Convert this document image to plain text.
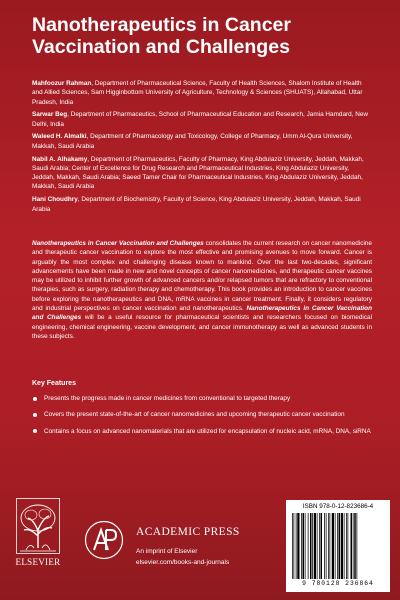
Nanotherapeutics in Cancer Vaccination and Challenges

Mahfoozur Rahman, Department of Pharmaceutical Science, Faculty of Health Sciences, Shalom Institute of Health and Allied Sciences, Sam Higginbottom University of Agriculture, Technology & Sciences (SHUATS), Allahabad, Uttar Pradesh, India

Sarwar Beg, Department of Pharmaceutics, School of Pharmaceutical Education and Research, Jamia Hamdard, New Delhi, India

Waleed H. Almalki, Department of Pharmacology and Toxicology, College of Pharmacy, Umm Al-Qura University, Makkah, Saudi Arabia

Nabil A. Alhakamy, Department of Pharmaceutics, Faculty of Pharmacy, King Abdulaziz University, Jeddah, Makkah, Saudi Arabia; Center of Excellence for Drug Research and Pharmaceutical Industries, King Abdulaziz University, Jeddah, Makkah, Saudi Arabia; Saeed Tamer Chair for Pharmaceutical Industries, King Abdulaziz University, Jeddah, Makkah, Saudi Arabia

Hani Choudhry, Department of Biochemistry, Faculty of Science, King Abdulaziz University, Jeddah, Makkah, Saudi Arabia

Nanotherapeutics in Cancer Vaccination and Challenges consolidates the current research on cancer nanomedicine and therapeutic cancer vaccination to explore the most effective and promising avenues to move forward. Cancer is arguably the most complex and challenging disease known to mankind. Over the last two-decades, significant advancements have been made in new and novel concepts of cancer nanomedicines, and therapeutic cancer vaccines may be utilized to inhibit further growth of advanced cancers and/or relapsed tumors that are refractory to conventional therapies, such as surgery, radiation therapy and chemotherapy. This book provides an introduction to cancer vaccines before exploring the nanotherapeutics and DNA, mRNA vaccines in cancer treatment. Finally, it considers regulatory and industrial perspectives on cancer vaccination and nanotherapeutics. Nanotherapeutics in Cancer Vaccination and Challenges will be a useful resource for pharmaceutical scientists and researchers focused on biomedical engineering, chemical engineering, vaccine development, and cancer immunotherapy as well as advanced students in these subjects.
Key Features
Presents the progress made in cancer medicines from conventional to targeted therapy
Covers the present state-of-the-art of cancer nanomedicines and upcoming therapeutic cancer vaccination
Contains a focus on advanced nanomaterials that are utilized for encapsulation of nucleic acid, mRNA, DNA, siRNA
ELSEVIER
ACADEMIC PRESS
An imprint of Elsevier
elsevier.com/books-and-journals
ISBN 978-0-12-823686-4
9 780128 236864
